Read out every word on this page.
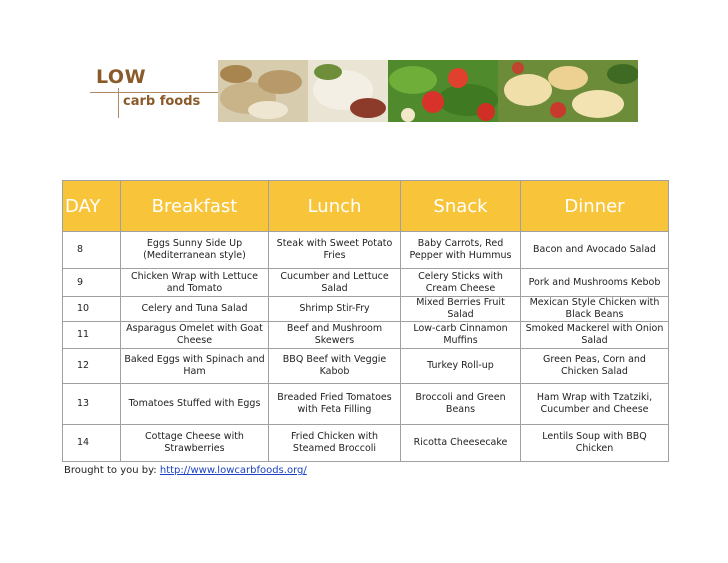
LOW
carb foods
DAY	Breakfast	Lunch	Snack	Dinner
8	Eggs Sunny Side Up (Mediterranean style)	Steak with Sweet Potato Fries	Baby Carrots, Red Pepper with Hummus	Bacon and Avocado Salad
9	Chicken Wrap with Lettuce and Tomato	Cucumber and Lettuce Salad	Celery Sticks with Cream Cheese	Pork and Mushrooms Kebob
10	Celery and Tuna Salad	Shrimp Stir-Fry	Mixed Berries Fruit Salad	Mexican Style Chicken with Black Beans
11	Asparagus Omelet with Goat Cheese	Beef and Mushroom Skewers	Low-carb Cinnamon Muffins	Smoked Mackerel with Onion Salad
12	Baked Eggs with Spinach and Ham	BBQ Beef with Veggie Kabob	Turkey Roll-up	Green Peas, Corn and Chicken Salad
13	Tomatoes Stuffed with Eggs	Breaded Fried Tomatoes with Feta Filling	Broccoli and Green Beans	Ham Wrap with Tzatziki, Cucumber and Cheese
14	Cottage Cheese with Strawberries	Fried Chicken with Steamed Broccoli	Ricotta Cheesecake	Lentils Soup with BBQ Chicken
Brought to you by: http://www.lowcarbfoods.org/
